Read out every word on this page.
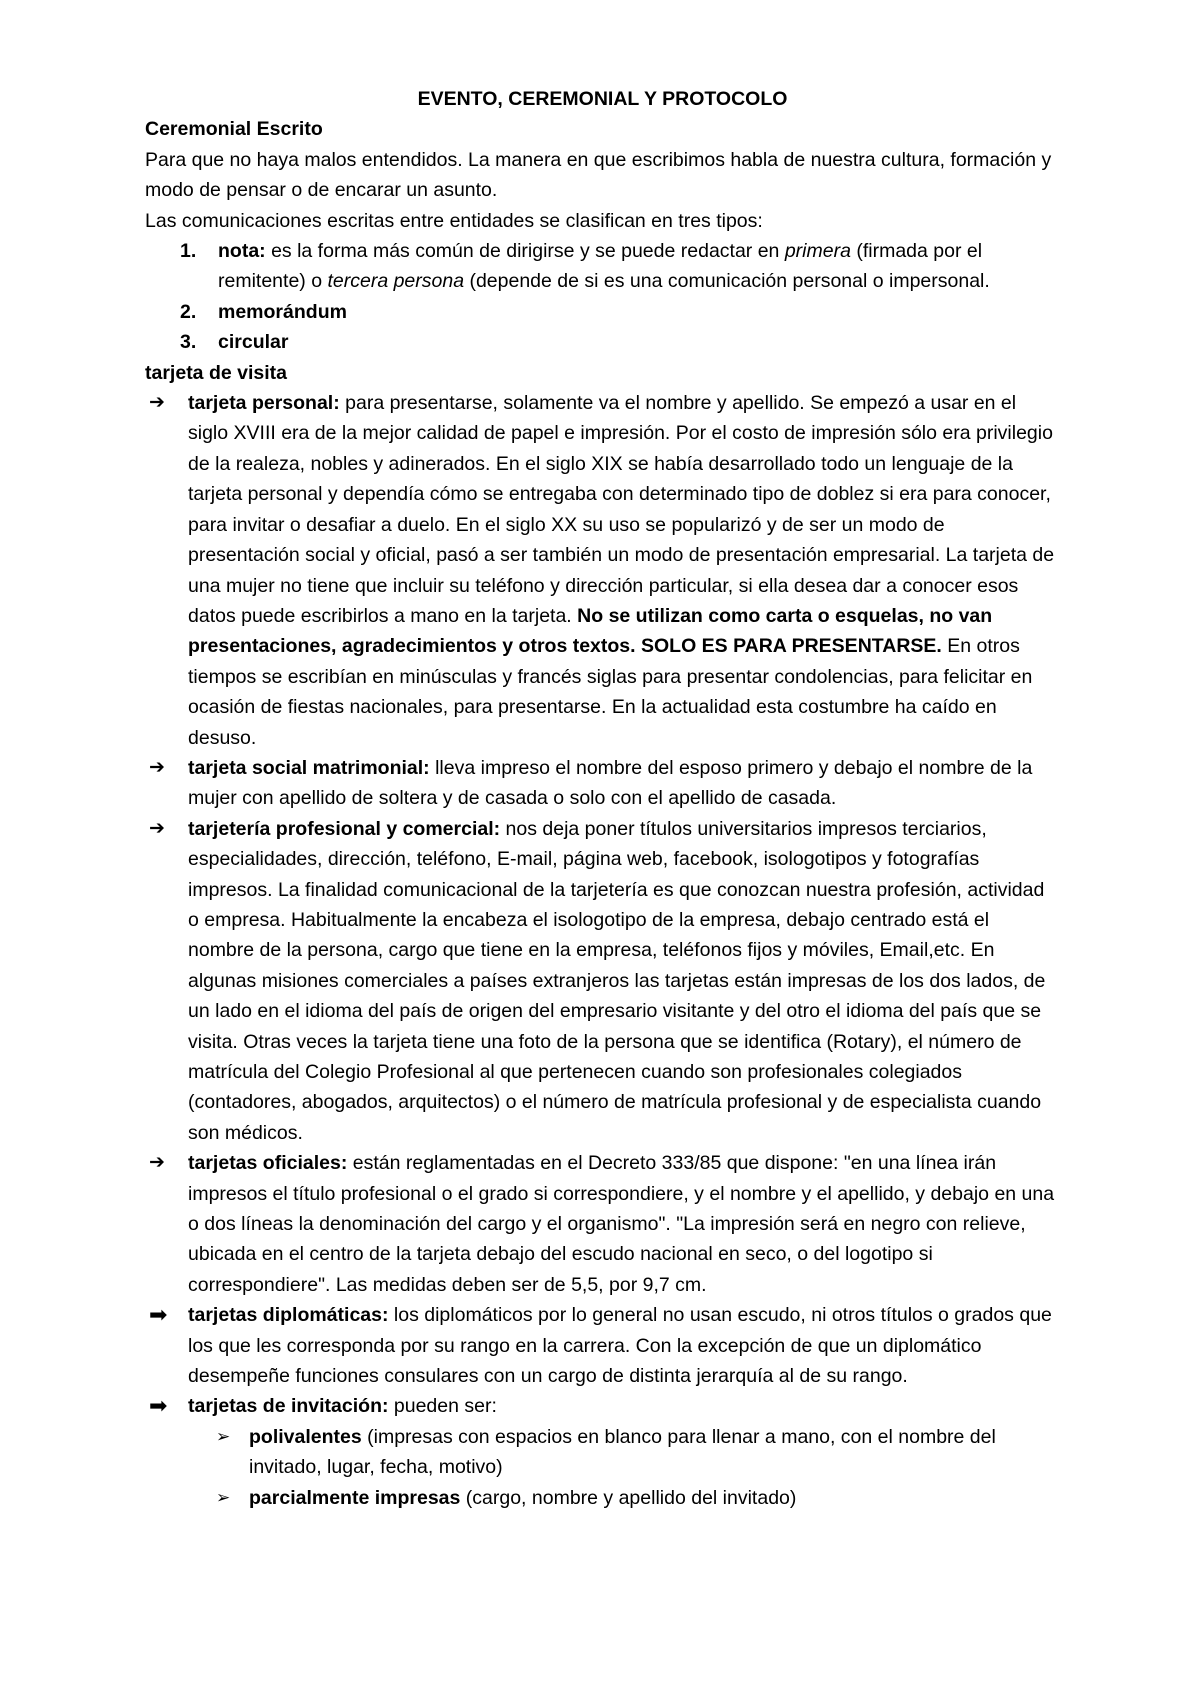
EVENTO, CEREMONIAL Y PROTOCOLO

Ceremonial Escrito

Para que no haya malos entendidos. La manera en que escribimos habla de nuestra cultura, formación y modo de pensar o de encarar un asunto.

Las comunicaciones escritas entre entidades se clasifican en tres tipos:

1. nota: es la forma más común de dirigirse y se puede redactar en primera (firmada por el remitente) o tercera persona (depende de si es una comunicación personal o impersonal.
2. memorándum
3. circular

tarjeta de visita

➔ tarjeta personal: para presentarse, solamente va el nombre y apellido. Se empezó a usar en el siglo XVIII era de la mejor calidad de papel e impresión. Por el costo de impresión sólo era privilegio de la realeza, nobles y adinerados. En el siglo XIX se había desarrollado todo un lenguaje de la tarjeta personal y dependía cómo se entregaba con determinado tipo de doblez si era para conocer, para invitar o desafiar a duelo. En el siglo XX su uso se popularizó y de ser un modo de presentación social y oficial, pasó a ser también un modo de presentación empresarial. La tarjeta de una mujer no tiene que incluir su teléfono y dirección particular, si ella desea dar a conocer esos datos puede escribirlos a mano en la tarjeta. No se utilizan como carta o esquelas, no van presentaciones, agradecimientos y otros textos. SOLO ES PARA PRESENTARSE. En otros tiempos se escribían en minúsculas y francés siglas para presentar condolencias, para felicitar en ocasión de fiestas nacionales, para presentarse. En la actualidad esta costumbre ha caído en desuso.
➔ tarjeta social matrimonial: lleva impreso el nombre del esposo primero y debajo el nombre de la mujer con apellido de soltera y de casada o solo con el apellido de casada.
➔ tarjetería profesional y comercial: nos deja poner títulos universitarios impresos terciarios, especialidades, dirección, teléfono, E-mail, página web, facebook, isologotipos y fotografías impresos. La finalidad comunicacional de la tarjetería es que conozcan nuestra profesión, actividad o empresa. Habitualmente la encabeza el isologotipo de la empresa, debajo centrado está el nombre de la persona, cargo que tiene en la empresa, teléfonos fijos y móviles, Email,etc. En algunas misiones comerciales a países extranjeros las tarjetas están impresas de los dos lados, de un lado en el idioma del país de origen del empresario visitante y del otro el idioma del país que se visita. Otras veces la tarjeta tiene una foto de la persona que se identifica (Rotary), el número de matrícula del Colegio Profesional al que pertenecen cuando son profesionales colegiados (contadores, abogados, arquitectos) o el número de matrícula profesional y de especialista cuando son médicos.
➔ tarjetas oficiales: están reglamentadas en el Decreto 333/85 que dispone: "en una línea irán impresos el título profesional o el grado si correspondiere, y el nombre y el apellido, y debajo en una o dos líneas la denominación del cargo y el organismo". "La impresión será en negro con relieve, ubicada en el centro de la tarjeta debajo del escudo nacional en seco, o del logotipo si correspondiere". Las medidas deben ser de 5,5, por 9,7 cm.
➡ tarjetas diplomáticas: los diplomáticos por lo general no usan escudo, ni otros títulos o grados que los que les corresponda por su rango en la carrera. Con la excepción de que un diplomático desempeñe funciones consulares con un cargo de distinta jerarquía al de su rango.
➡ tarjetas de invitación: pueden ser:
➢ polivalentes (impresas con espacios en blanco para llenar a mano, con el nombre del invitado, lugar, fecha, motivo)
➢ parcialmente impresas (cargo, nombre y apellido del invitado)
